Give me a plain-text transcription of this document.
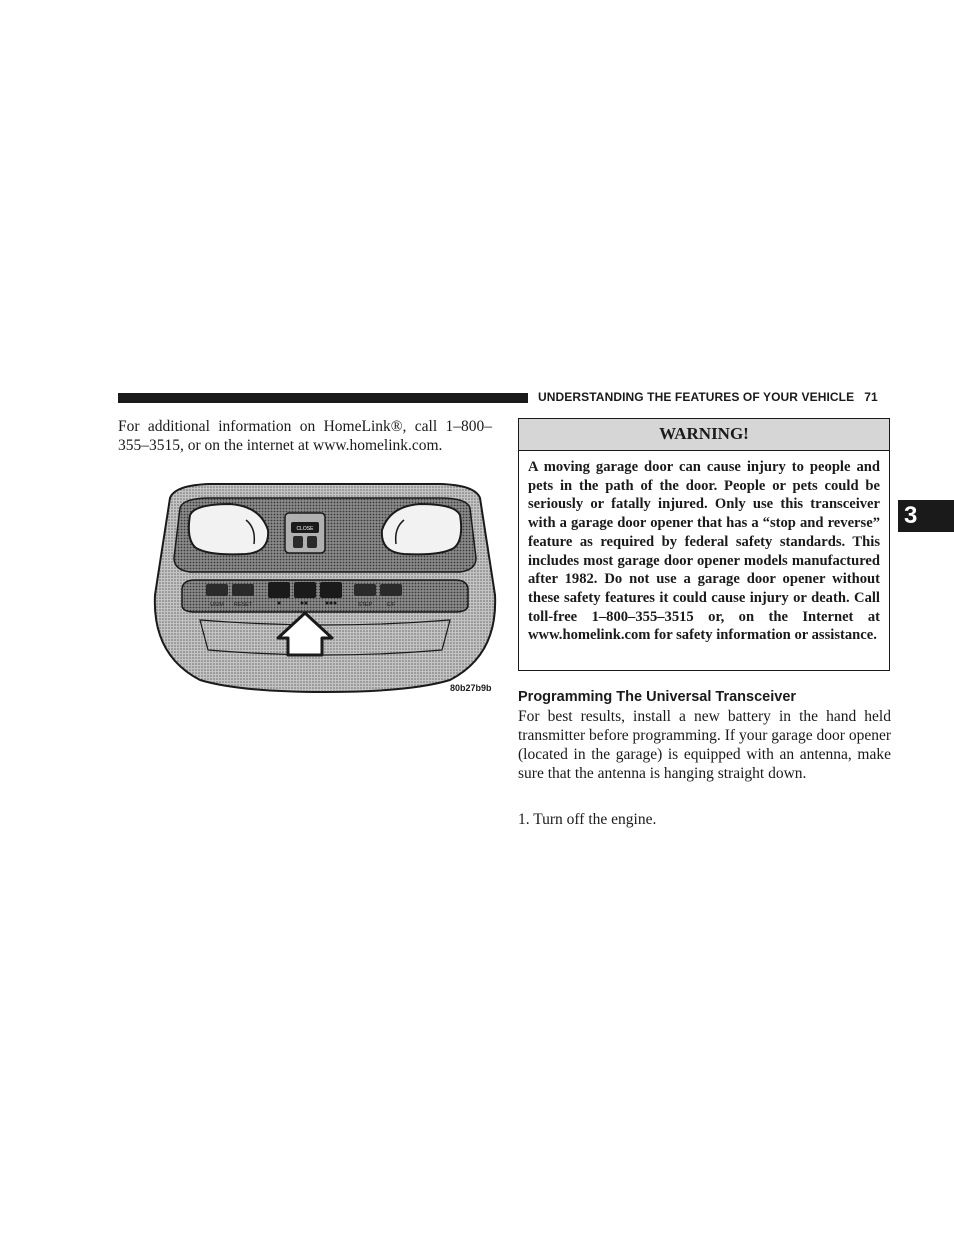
UNDERSTANDING THE FEATURES OF YOUR VEHICLE 71
3
For additional information on HomeLink®, call 1–800–355–3515, or on the internet at www.homelink.com.
CLOSE
US/M RESET	STEP	C/F
80b27b9b
WARNING!
A moving garage door can cause injury to people and pets in the path of the door. People or pets could be seriously or fatally injured. Only use this transceiver with a garage door opener that has a “stop and reverse” feature as required by federal safety standards. This includes most garage door opener models manufactured after 1982. Do not use a garage door opener without these safety features it could cause injury or death. Call toll-free 1–800–355–3515 or, on the Internet at www.homelink.com for safety information or assistance.
Programming The Universal Transceiver
For best results, install a new battery in the hand held transmitter before programming. If your garage door opener (located in the garage) is equipped with an antenna, make sure that the antenna is hanging straight down.
1. Turn off the engine.
